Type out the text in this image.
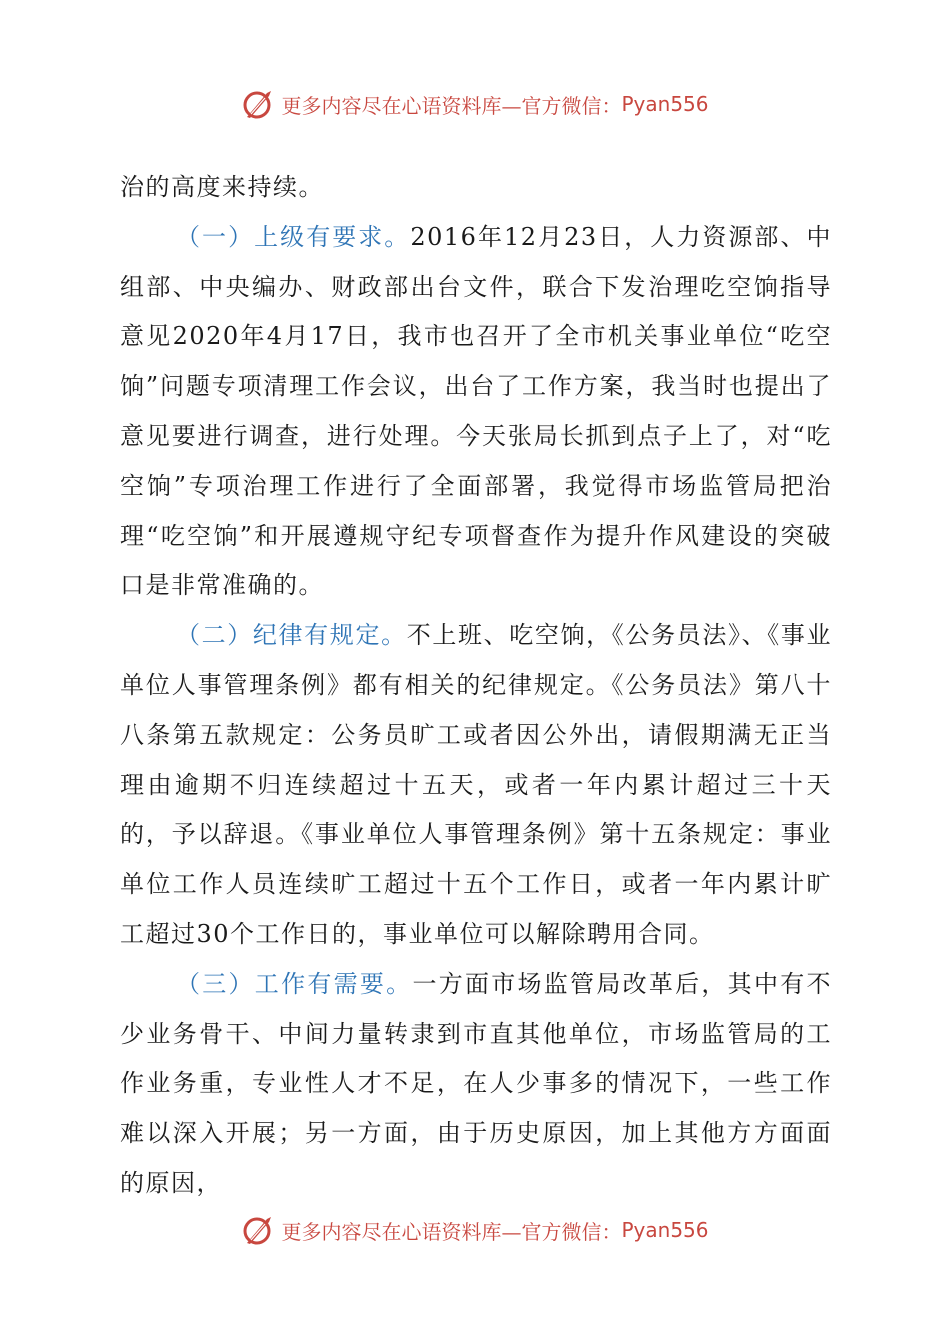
更多内容尽在心语资料库—官方微信： Pyan556

治的高度来持续。

（一）上级有要求。2016年12月23日，人力资源部、中组部、中央编办、财政部出台文件，联合下发治理吃空饷指导意见2020年4月17日，我市也召开了全市机关事业单位“吃空饷”问题专项清理工作会议，出台了工作方案，我当时也提出了意见要进行调查，进行处理。今天张局长抓到点子上了，对“吃空饷”专项治理工作进行了全面部署，我觉得市场监管局把治理“吃空饷”和开展遵规守纪专项督查作为提升作风建设的突破口是非常准确的。

（二）纪律有规定。不上班、吃空饷，《公务员法》、《事业单位人事管理条例》都有相关的纪律规定。《公务员法》第八十八条第五款规定：公务员旷工或者因公外出，请假期满无正当理由逾期不归连续超过十五天，或者一年内累计超过三十天的，予以辞退。《事业单位人事管理条例》第十五条规定：事业单位工作人员连续旷工超过十五个工作日，或者一年内累计旷工超过30个工作日的，事业单位可以解除聘用合同。

（三）工作有需要。一方面市场监管局改革后，其中有不少业务骨干、中间力量转隶到市直其他单位，市场监管局的工作业务重，专业性人才不足，在人少事多的情况下，一些工作难以深入开展；另一方面，由于历史原因，加上其他方方面面的原因，

更多内容尽在心语资料库—官方微信： Pyan556
